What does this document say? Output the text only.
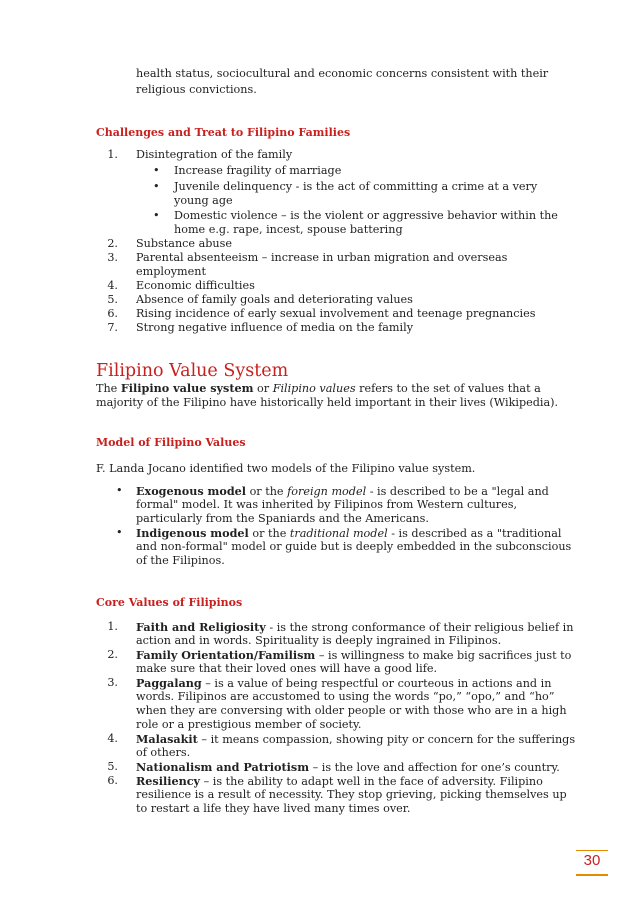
health status, sociocultural and economic concerns consistent with their
religious convictions.
Challenges and Treat to Filipino Families
1. Disintegration of the family
• Increase fragility of marriage
• Juvenile delinquency - is the act of committing a crime at a very
young age
• Domestic violence – is the violent or aggressive behavior within the
home e.g. rape, incest, spouse battering
2. Substance abuse
3. Parental absenteeism – increase in urban migration and overseas
employment
4. Economic difficulties
5. Absence of family goals and deteriorating values
6. Rising incidence of early sexual involvement and teenage pregnancies
7. Strong negative influence of media on the family
Filipino Value System
The Filipino value system or Filipino values refers to the set of values that a
majority of the Filipino have historically held important in their lives (Wikipedia).
Model of Filipino Values
F. Landa Jocano identified two models of the Filipino value system.
• Exogenous model or the foreign model - is described to be a "legal and
formal" model. It was inherited by Filipinos from Western cultures,
particularly from the Spaniards and the Americans.
• Indigenous model or the traditional model - is described as a "traditional
and non-formal" model or guide but is deeply embedded in the subconscious
of the Filipinos.
Core Values of Filipinos
1. Faith and Religiosity - is the strong conformance of their religious belief in
action and in words. Spirituality is deeply ingrained in Filipinos.
2. Family Orientation/Familism – is willingness to make big sacrifices just to
make sure that their loved ones will have a good life.
3. Paggalang – is a value of being respectful or courteous in actions and in
words. Filipinos are accustomed to using the words “po,” “opo,” and “ho”
when they are conversing with older people or with those who are in a high
role or a prestigious member of society.
4. Malasakit – it means compassion, showing pity or concern for the sufferings
of others.
5. Nationalism and Patriotism – is the love and affection for one’s country.
6. Resiliency – is the ability to adapt well in the face of adversity. Filipino
resilience is a result of necessity. They stop grieving, picking themselves up
to restart a life they have lived many times over.
30
